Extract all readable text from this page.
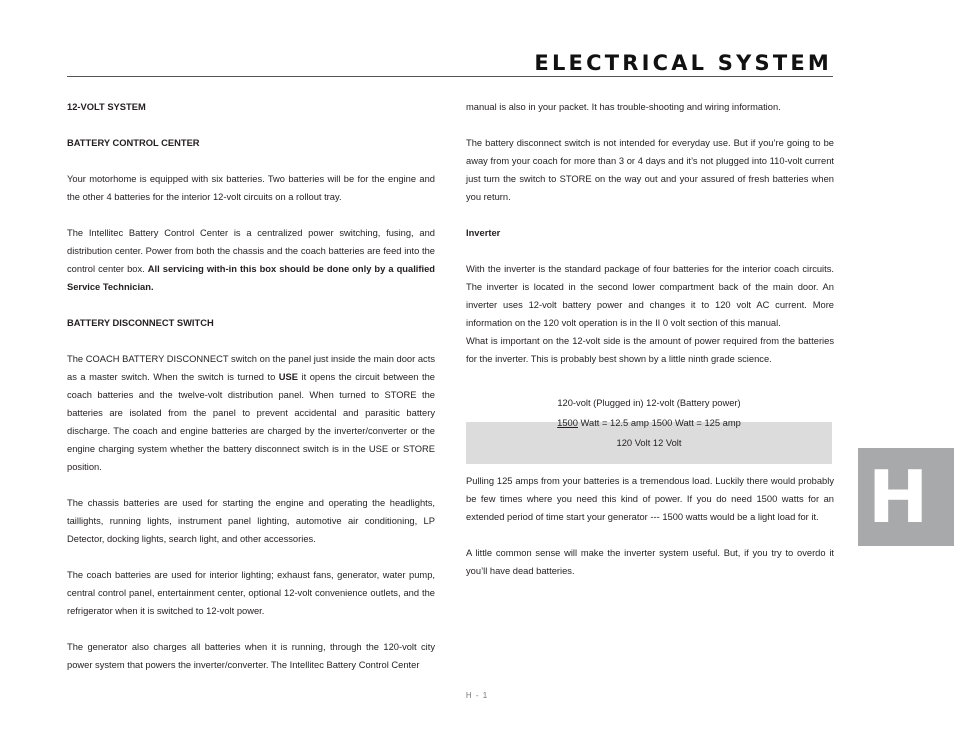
ELECTRICAL SYSTEM

12-VOLT SYSTEM

BATTERY CONTROL CENTER

Your motorhome is equipped with six batteries. Two batteries will be for the engine and the other 4 batteries for the interior 12-volt circuits on a rollout tray.

The Intellitec Battery Control Center is a centralized power switching, fusing, and distribution center. Power from both the chassis and the coach batteries are feed into the control center box. All servicing with-in this box should be done only by a qualified Service Technician.

BATTERY DISCONNECT SWITCH

The COACH BATTERY DISCONNECT switch on the panel just inside the main door acts as a master switch. When the switch is turned to USE it opens the circuit between the coach batteries and the twelve-volt distribution panel. When turned to STORE the batteries are isolated from the panel to prevent accidental and parasitic battery discharge. The coach and engine batteries are charged by the inverter/converter or the engine charging system whether the battery disconnect switch is in the USE or STORE position.

The chassis batteries are used for starting the engine and operating the headlights, taillights, running lights, instrument panel lighting, automotive air conditioning, LP Detector, docking lights, search light, and other accessories.

The coach batteries are used for interior lighting; exhaust fans, generator, water pump, central control panel, entertainment center, optional 12-volt convenience outlets, and the refrigerator when it is switched to 12-volt power.

The generator also charges all batteries when it is running, through the 120-volt city power system that powers the inverter/converter. The Intellitec Battery Control Center

manual is also in your packet. It has trouble-shooting and wiring information.

The battery disconnect switch is not intended for everyday use. But if you’re going to be away from your coach for more than 3 or 4 days and it’s not plugged into 110-volt current just turn the switch to STORE on the way out and your assured of fresh batteries when you return.

Inverter

With the inverter is the standard package of four batteries for the interior coach circuits. The inverter is located in the second lower compartment back of the main door. An inverter uses 12-volt battery power and changes it to 120 volt AC current. More information on the 120 volt operation is in the II 0 volt section of this manual.

What is important on the 12-volt side is the amount of power required from the batteries for the inverter. This is probably best shown by a little ninth grade science.

120-volt (Plugged in) 12-volt (Battery power)
1500 Watt = 12.5 amp 1500 Watt = 125 amp
120 Volt 12 Volt

Pulling 125 amps from your batteries is a tremendous load. Luckily there would probably be few times where you need this kind of power. If you do need 1500 watts for an extended period of time start your generator --- 1500 watts would be a light load for it.

A little common sense will make the inverter system useful. But, if you try to overdo it you’ll have dead batteries.

H
H - 1
